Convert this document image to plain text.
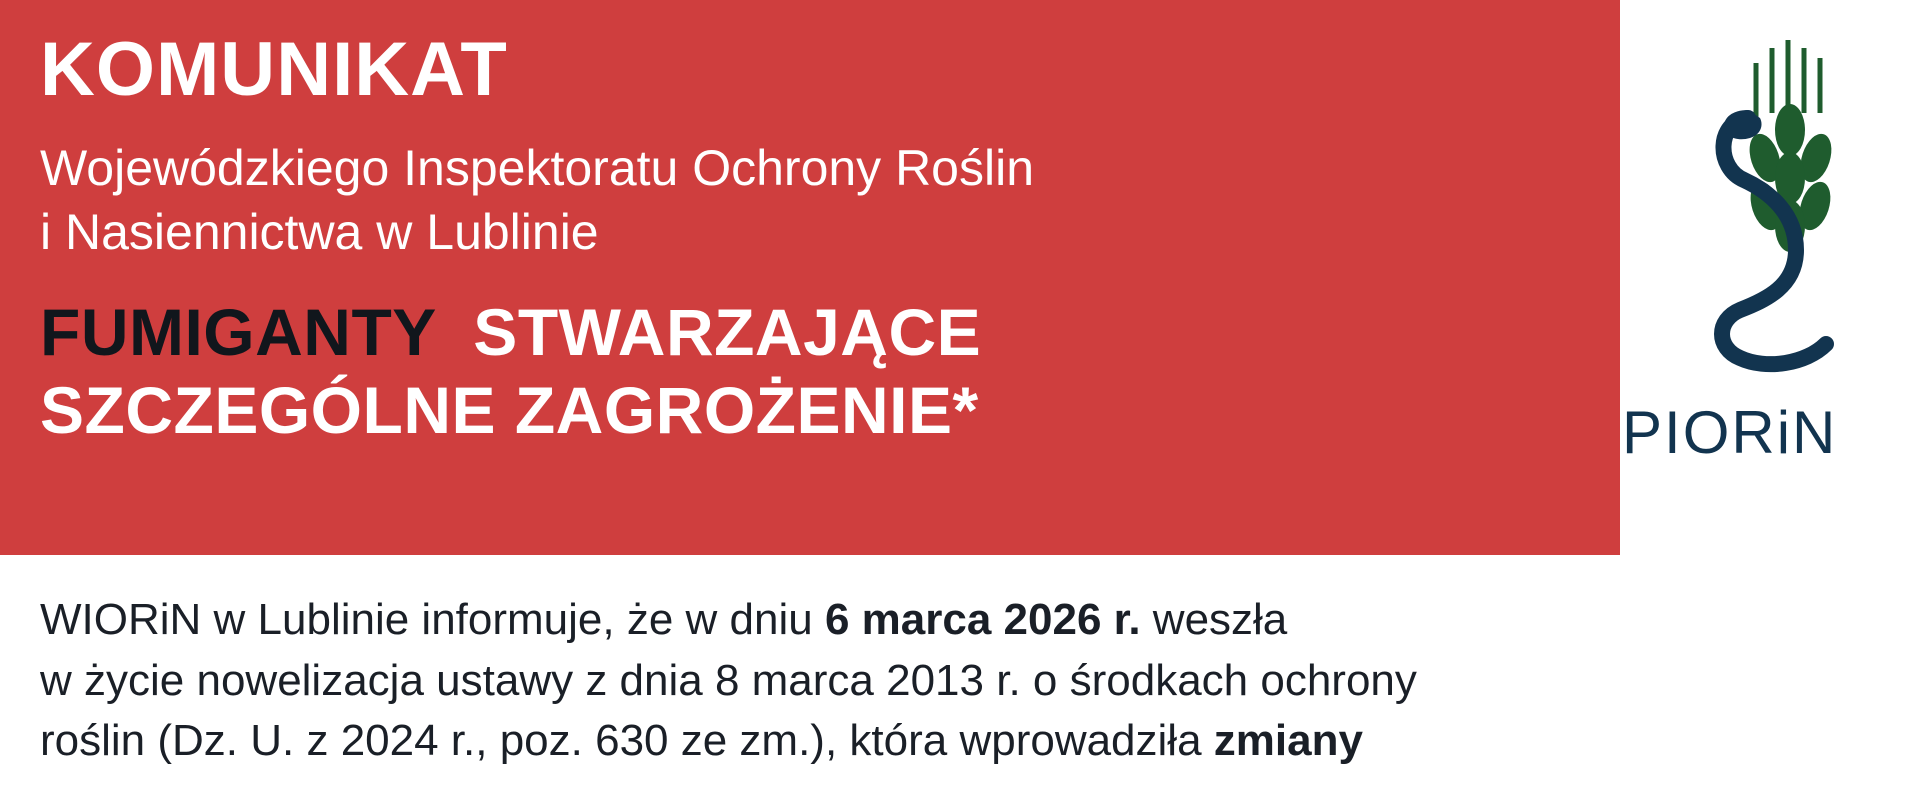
KOMUNIKAT
Wojewódzkiego Inspektoratu Ochrony Roślin
i Nasiennictwa w Lublinie
FUMIGANTY STWARZAJĄCE
SZCZEGÓLNE ZAGROŻENIE*	PIORiN

WIORiN w Lublinie informuje, że w dniu 6 marca 2026 r. weszła

w życie nowelizacja ustawy z dnia 8 marca 2013 r. o środkach ochrony

roślin (Dz. U. z 2024 r., poz. 630 ze zm.), która wprowadziła zmiany
